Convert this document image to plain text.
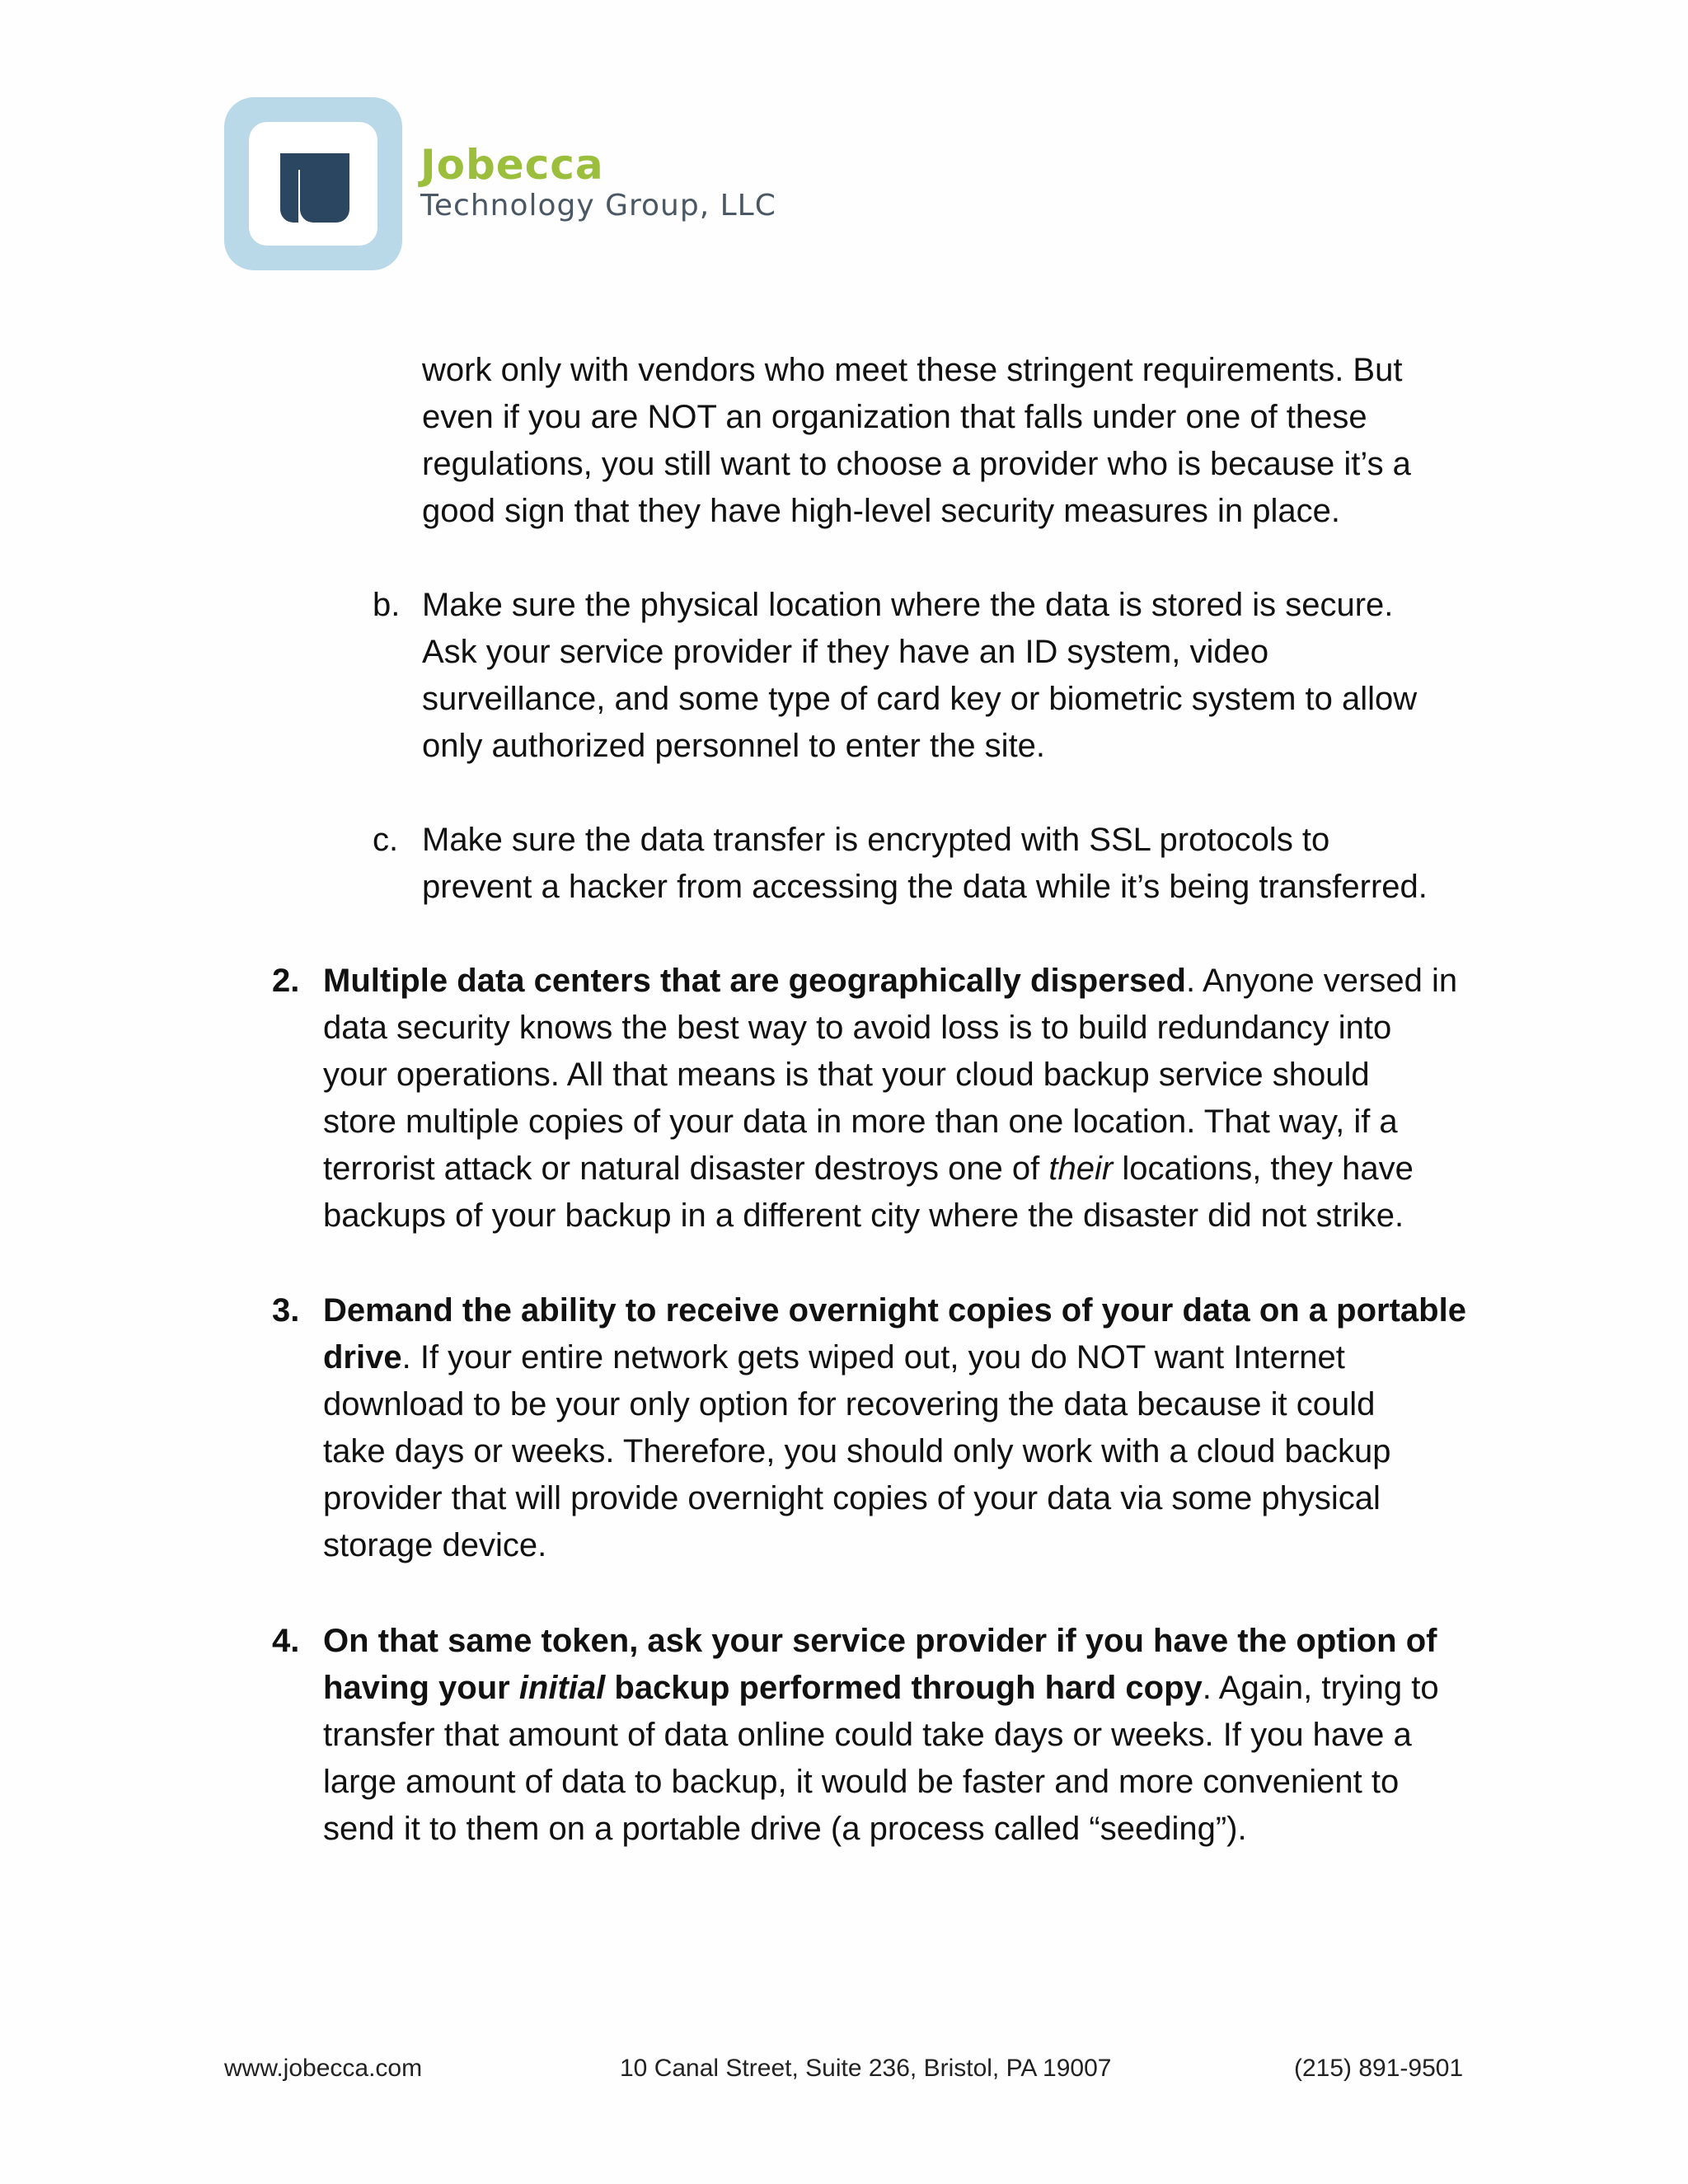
Jobecca
Technology Group, LLC
work only with vendors who meet these stringent requirements. But
even if you are NOT an organization that falls under one of these
regulations, you still want to choose a provider who is because it’s a
good sign that they have high-level security measures in place.
b. Make sure the physical location where the data is stored is secure.
Ask your service provider if they have an ID system, video
surveillance, and some type of card key or biometric system to allow
only authorized personnel to enter the site.
c. Make sure the data transfer is encrypted with SSL protocols to
prevent a hacker from accessing the data while it’s being transferred.
2. Multiple data centers that are geographically dispersed. Anyone versed in
data security knows the best way to avoid loss is to build redundancy into
your operations. All that means is that your cloud backup service should
store multiple copies of your data in more than one location. That way, if a
terrorist attack or natural disaster destroys one of their locations, they have
backups of your backup in a different city where the disaster did not strike.
3. Demand the ability to receive overnight copies of your data on a portable
drive. If your entire network gets wiped out, you do NOT want Internet
download to be your only option for recovering the data because it could
take days or weeks. Therefore, you should only work with a cloud backup
provider that will provide overnight copies of your data via some physical
storage device.
4. On that same token, ask your service provider if you have the option of
having your initial backup performed through hard copy. Again, trying to
transfer that amount of data online could take days or weeks. If you have a
large amount of data to backup, it would be faster and more convenient to
send it to them on a portable drive (a process called “seeding”).
www.jobecca.com	10 Canal Street, Suite 236, Bristol, PA 19007	(215) 891-9501
